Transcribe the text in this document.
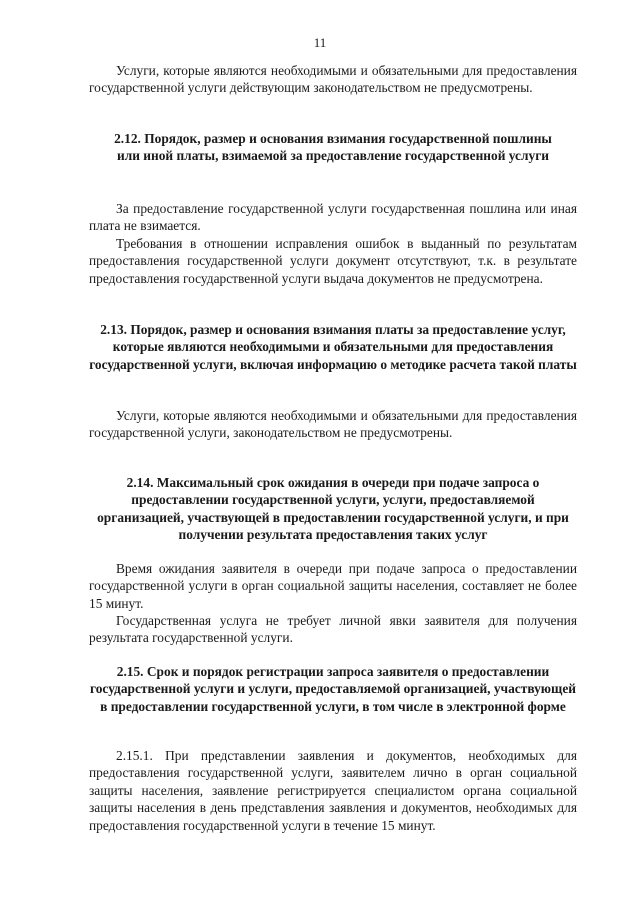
11

Услуги, которые являются необходимыми и обязательными для предоставления государственной услуги действующим законодательством не предусмотрены.

2.12. Порядок, размер и основания взимания государственной пошлины или иной платы, взимаемой за предоставление государственной услуги

За предоставление государственной услуги государственная пошлина или иная плата не взимается.

Требования в отношении исправления ошибок в выданный по результатам предоставления государственной услуги документ отсутствуют, т.к. в результате предоставления государственной услуги выдача документов не предусмотрена.

2.13. Порядок, размер и основания взимания платы за предоставление услуг, которые являются необходимыми и обязательными для предоставления государственной услуги, включая информацию о методике расчета такой платы

Услуги, которые являются необходимыми и обязательными для предоставления государственной услуги, законодательством не предусмотрены.

2.14. Максимальный срок ожидания в очереди при подаче запроса о предоставлении государственной услуги, услуги, предоставляемой организацией, участвующей в предоставлении государственной услуги, и при получении результата предоставления таких услуг

Время ожидания заявителя в очереди при подаче запроса о предоставлении государственной услуги в орган социальной защиты населения, составляет не более 15 минут.

Государственная услуга не требует личной явки заявителя для получения результата государственной услуги.

2.15. Срок и порядок регистрации запроса заявителя о предоставлении государственной услуги и услуги, предоставляемой организацией, участвующей в предоставлении государственной услуги, в том числе в электронной форме

2.15.1. При представлении заявления и документов, необходимых для предоставления государственной услуги, заявителем лично в орган социальной защиты населения, заявление регистрируется специалистом органа социальной защиты населения в день представления заявления и документов, необходимых для предоставления государственной услуги в течение 15 минут.
